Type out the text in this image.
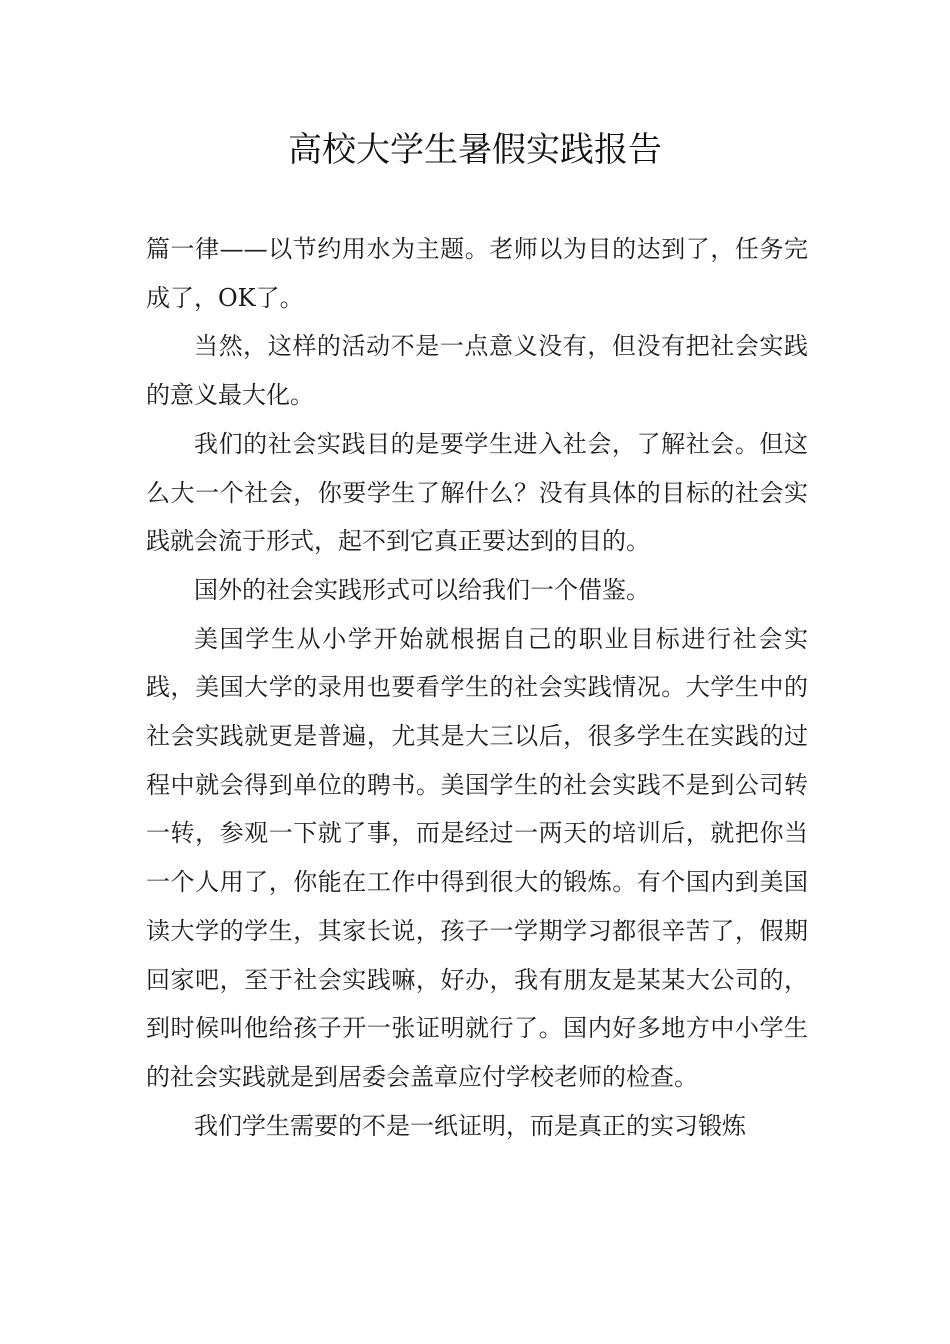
高校大学生暑假实践报告

篇一律——以节约用水为主题。老师以为目的达到了，任务完成了，OK了。

当然，这样的活动不是一点意义没有，但没有把社会实践的意义最大化。

我们的社会实践目的是要学生进入社会，了解社会。但这么大一个社会，你要学生了解什么？没有具体的目标的社会实践就会流于形式，起不到它真正要达到的目的。

国外的社会实践形式可以给我们一个借鉴。

美国学生从小学开始就根据自己的职业目标进行社会实践，美国大学的录用也要看学生的社会实践情况。大学生中的社会实践就更是普遍，尤其是大三以后，很多学生在实践的过程中就会得到单位的聘书。美国学生的社会实践不是到公司转一转，参观一下就了事，而是经过一两天的培训后，就把你当一个人用了，你能在工作中得到很大的锻炼。有个国内到美国读大学的学生，其家长说，孩子一学期学习都很辛苦了，假期回家吧，至于社会实践嘛，好办，我有朋友是某某大公司的，到时候叫他给孩子开一张证明就行了。国内好多地方中小学生的社会实践就是到居委会盖章应付学校老师的检查。

我们学生需要的不是一纸证明，而是真正的实习锻炼
